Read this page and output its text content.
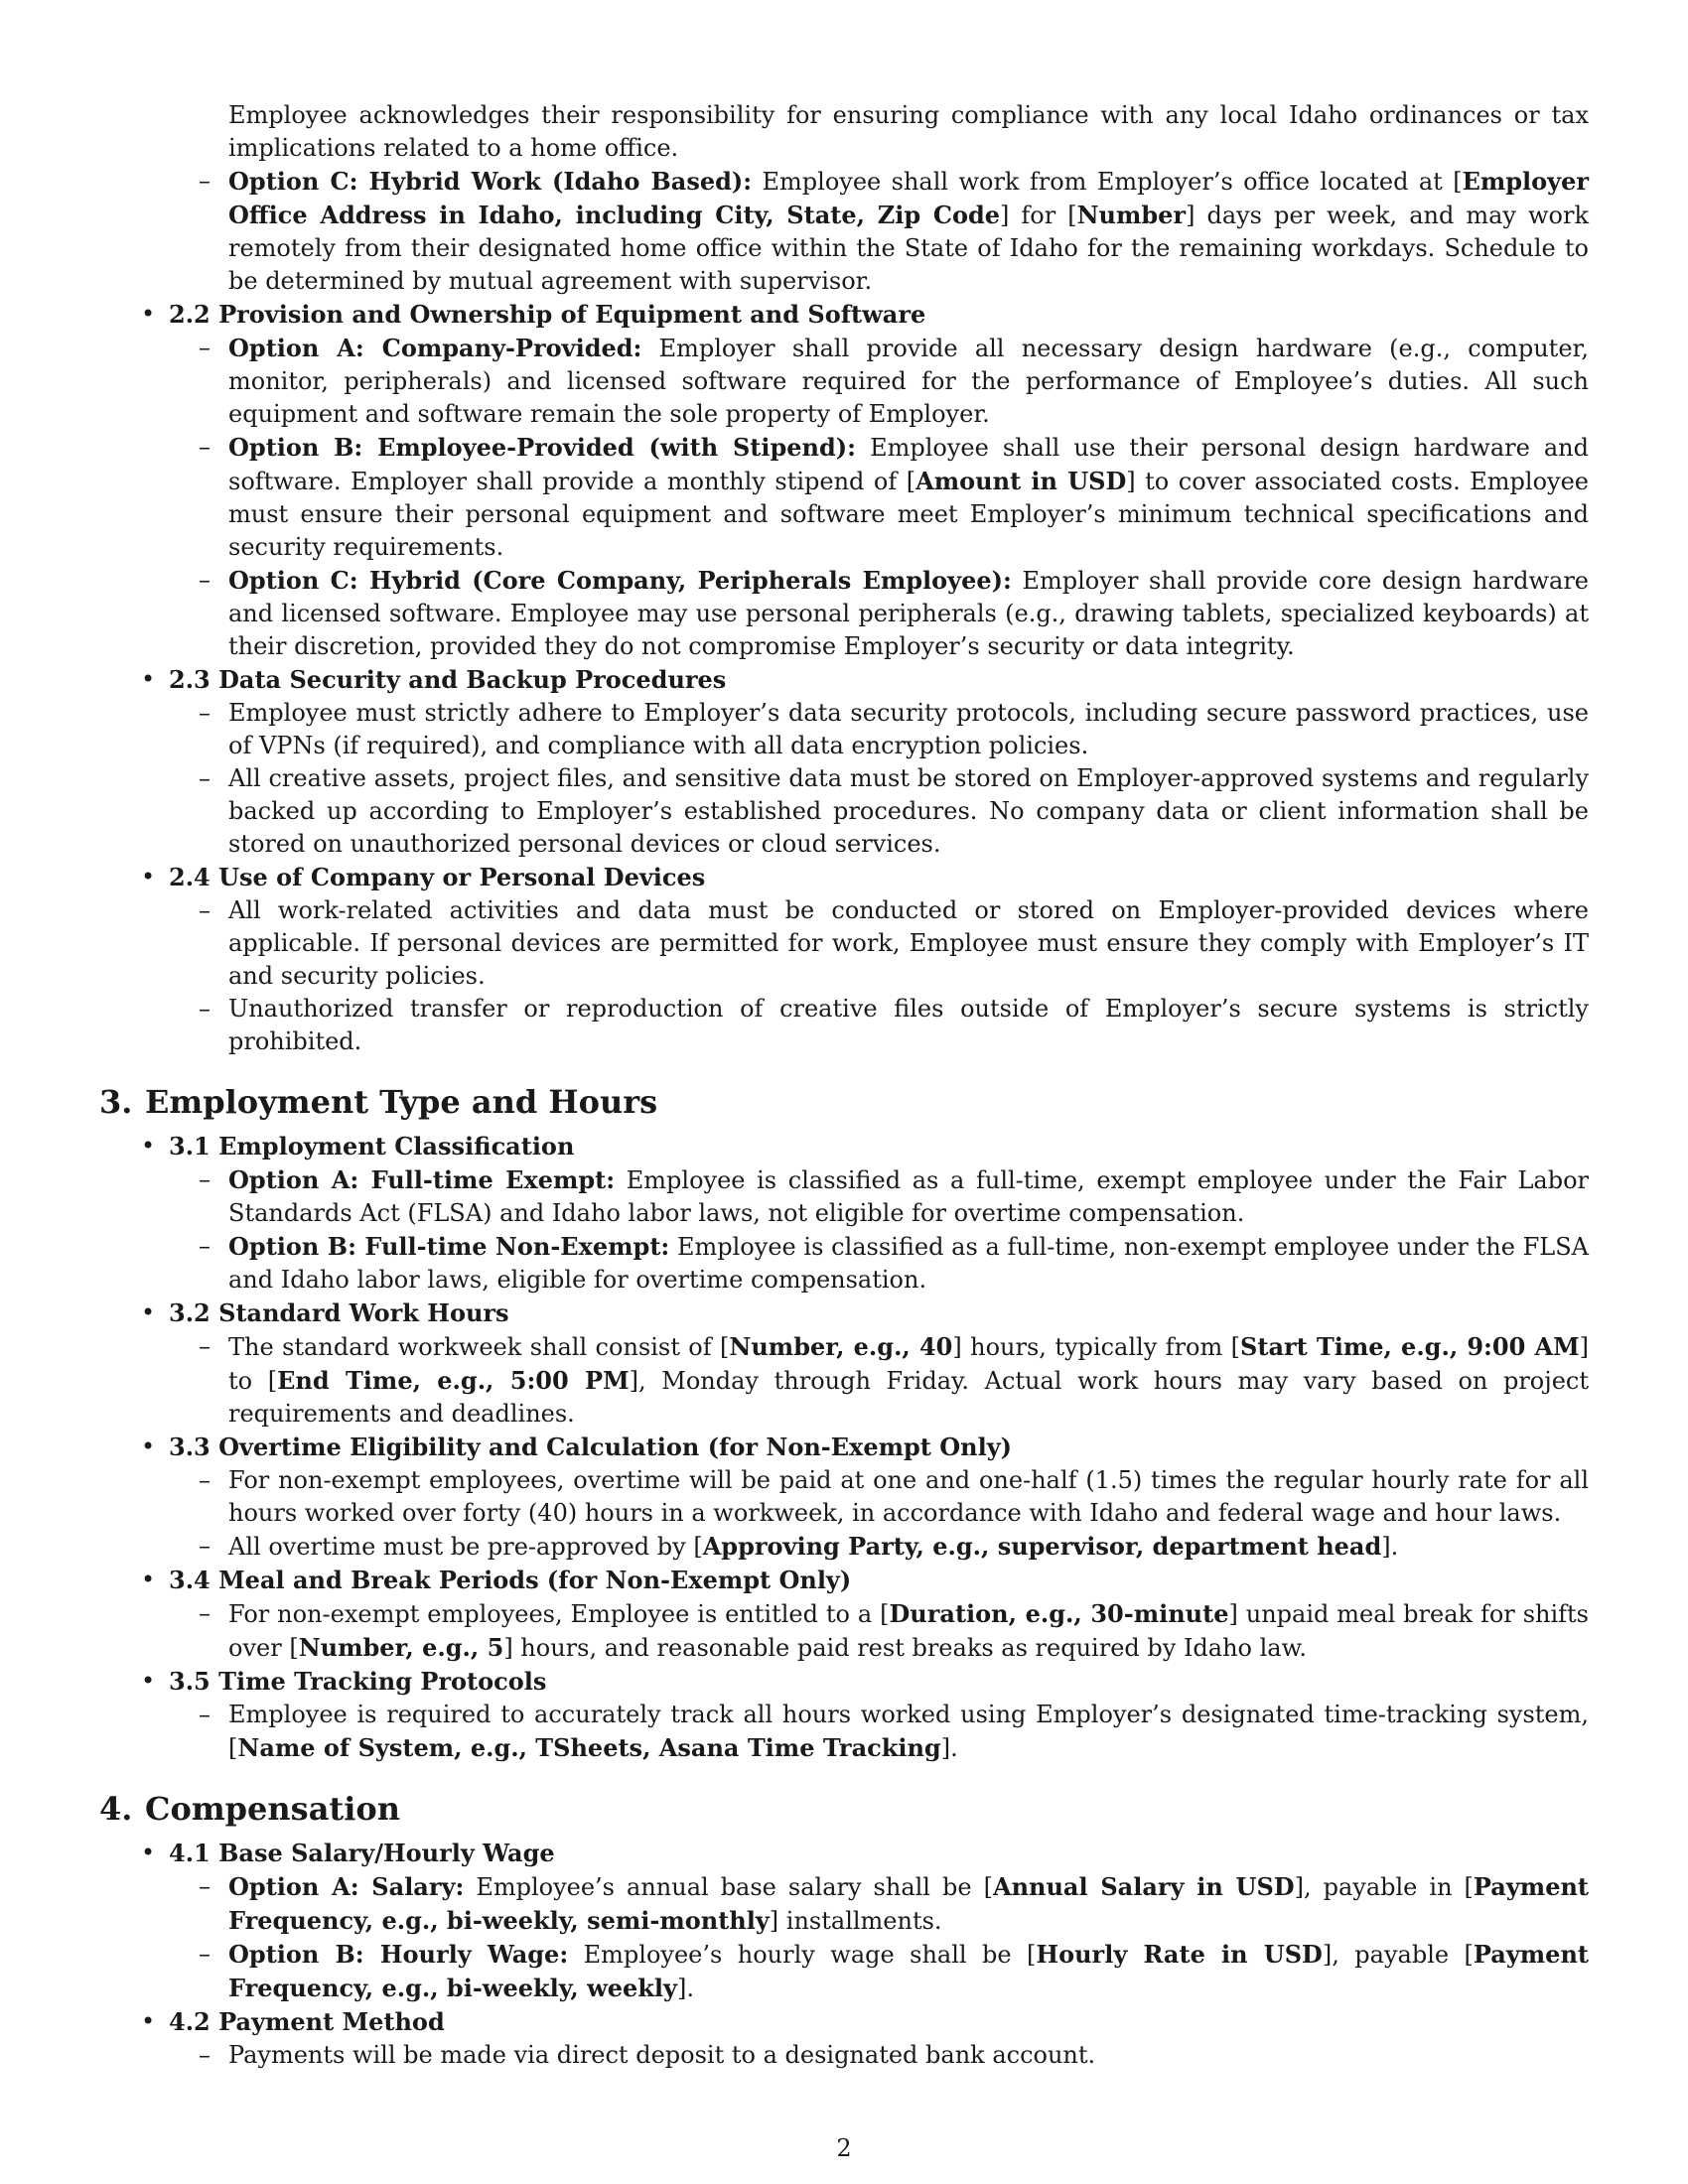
Employee acknowledges their responsibility for ensuring compliance with any local Idaho ordinances or tax implications related to a home office.
– Option C: Hybrid Work (Idaho Based): Employee shall work from Employer’s office located at [Employer Office Address in Idaho, including City, State, Zip Code] for [Number] days per week, and may work remotely from their designated home office within the State of Idaho for the remaining workdays. Schedule to be determined by mutual agreement with supervisor.
• 2.2 Provision and Ownership of Equipment and Software
– Option A: Company-Provided: Employer shall provide all necessary design hardware (e.g., computer, monitor, peripherals) and licensed software required for the performance of Employee’s duties. All such equipment and software remain the sole property of Employer.
– Option B: Employee-Provided (with Stipend): Employee shall use their personal design hardware and software. Employer shall provide a monthly stipend of [Amount in USD] to cover associated costs. Employee must ensure their personal equipment and software meet Employer’s minimum technical specifications and security requirements.
– Option C: Hybrid (Core Company, Peripherals Employee): Employer shall provide core design hardware and licensed software. Employee may use personal peripherals (e.g., drawing tablets, specialized keyboards) at their discretion, provided they do not compromise Employer’s security or data integrity.
• 2.3 Data Security and Backup Procedures
– Employee must strictly adhere to Employer’s data security protocols, including secure password practices, use of VPNs (if required), and compliance with all data encryption policies.
– All creative assets, project files, and sensitive data must be stored on Employer-approved systems and regularly backed up according to Employer’s established procedures. No company data or client information shall be stored on unauthorized personal devices or cloud services.
• 2.4 Use of Company or Personal Devices
– All work-related activities and data must be conducted or stored on Employer-provided devices where applicable. If personal devices are permitted for work, Employee must ensure they comply with Employer’s IT and security policies.
– Unauthorized transfer or reproduction of creative files outside of Employer’s secure systems is strictly prohibited.
3. Employment Type and Hours
• 3.1 Employment Classification
– Option A: Full-time Exempt: Employee is classified as a full-time, exempt employee under the Fair Labor Standards Act (FLSA) and Idaho labor laws, not eligible for overtime compensation.
– Option B: Full-time Non-Exempt: Employee is classified as a full-time, non-exempt employee under the FLSA and Idaho labor laws, eligible for overtime compensation.
• 3.2 Standard Work Hours
– The standard workweek shall consist of [Number, e.g., 40] hours, typically from [Start Time, e.g., 9:00 AM] to [End Time, e.g., 5:00 PM], Monday through Friday. Actual work hours may vary based on project requirements and deadlines.
• 3.3 Overtime Eligibility and Calculation (for Non-Exempt Only)
– For non-exempt employees, overtime will be paid at one and one-half (1.5) times the regular hourly rate for all hours worked over forty (40) hours in a workweek, in accordance with Idaho and federal wage and hour laws.
– All overtime must be pre-approved by [Approving Party, e.g., supervisor, department head].
• 3.4 Meal and Break Periods (for Non-Exempt Only)
– For non-exempt employees, Employee is entitled to a [Duration, e.g., 30-minute] unpaid meal break for shifts over [Number, e.g., 5] hours, and reasonable paid rest breaks as required by Idaho law.
• 3.5 Time Tracking Protocols
– Employee is required to accurately track all hours worked using Employer’s designated time-tracking system, [Name of System, e.g., TSheets, Asana Time Tracking].
4. Compensation
• 4.1 Base Salary/Hourly Wage
– Option A: Salary: Employee’s annual base salary shall be [Annual Salary in USD], payable in [Payment Frequency, e.g., bi-weekly, semi-monthly] installments.
– Option B: Hourly Wage: Employee’s hourly wage shall be [Hourly Rate in USD], payable [Payment Frequency, e.g., bi-weekly, weekly].
• 4.2 Payment Method
– Payments will be made via direct deposit to a designated bank account.
2
